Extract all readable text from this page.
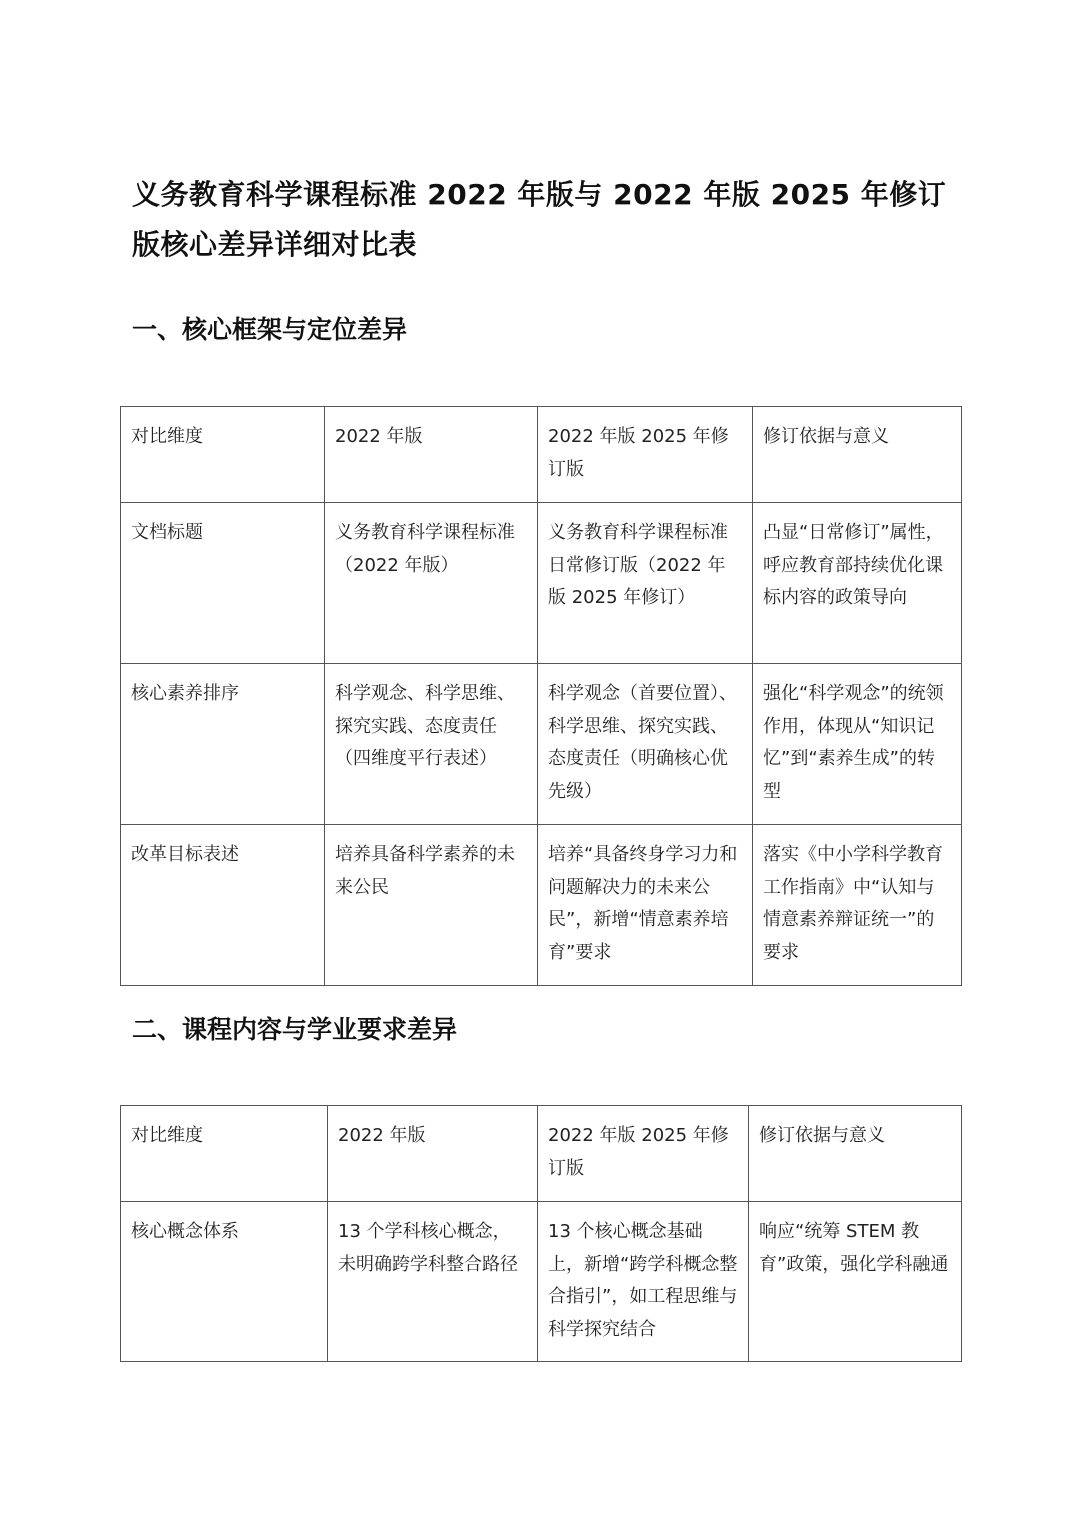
义务教育科学课程标准 2022 年版与 2022 年版 2025 年修订版核心差异详细对比表
一、核心框架与定位差异
对比维度	2022 年版	2022 年版 2025 年修订版	修订依据与意义
文档标题	义务教育科学课程标准（2022 年版）	义务教育科学课程标准 日常修订版（2022 年版 2025 年修订）	凸显“日常修订”属性，呼应教育部持续优化课标内容的政策导向
核心素养排序	科学观念、科学思维、探究实践、态度责任（四维度平行表述）	科学观念（首要位置）、科学思维、探究实践、态度责任（明确核心优先级）	强化“科学观念”的统领作用，体现从“知识记忆”到“素养生成”的转型
改革目标表述	培养具备科学素养的未来公民	培养“具备终身学习力和问题解决力的未来公民”，新增“情意素养培育”要求	落实《中小学科学教育工作指南》中“认知与情意素养辩证统一”的要求
二、课程内容与学业要求差异
对比维度	2022 年版	2022 年版 2025 年修订版	修订依据与意义
核心概念体系	13 个学科核心概念，未明确跨学科整合路径	13 个核心概念基础上，新增“跨学科概念整合指引”，如工程思维与科学探究结合	响应“统筹 STEM 教育”政策，强化学科融通
